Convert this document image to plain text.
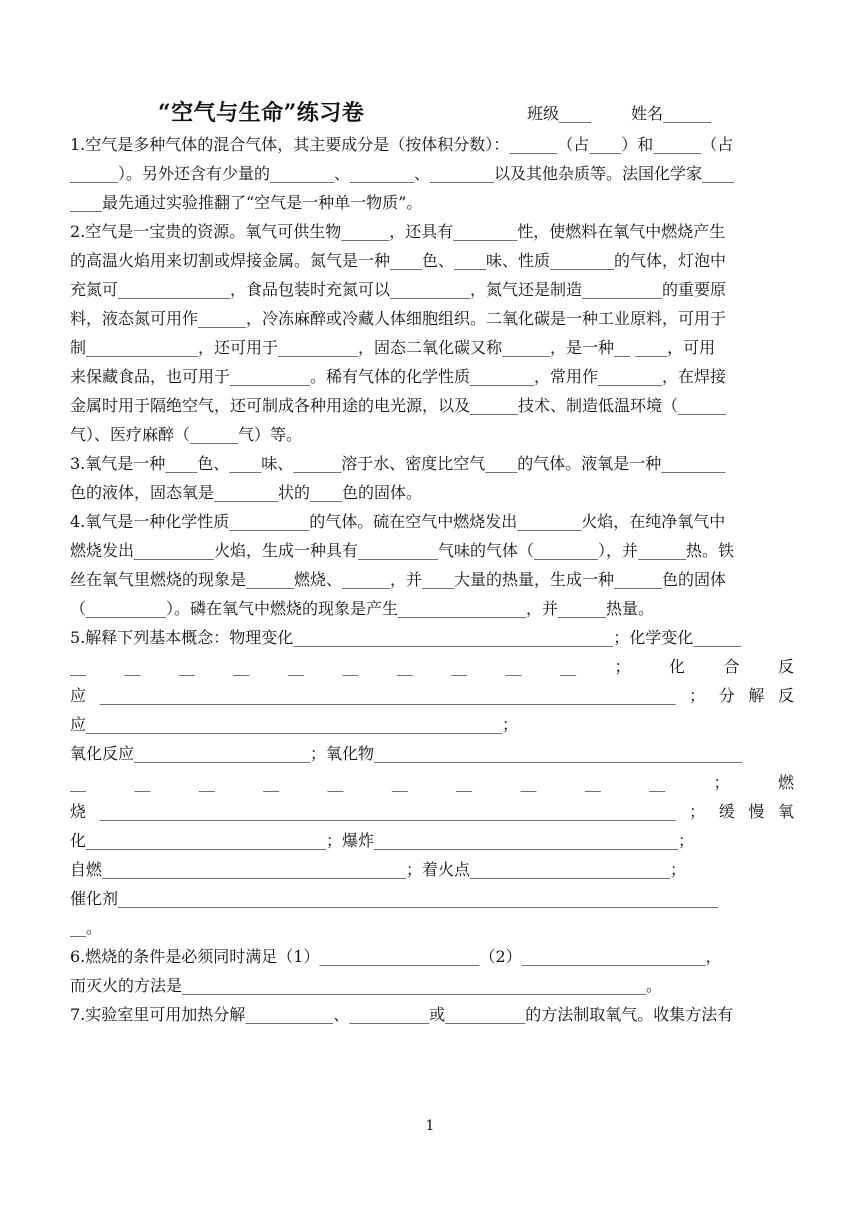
“空气与生命”练习卷	班级____ 姓名______
1.空气是多种气体的混合气体，其主要成分是（按体积分数）：______（占____）和______（占
______）。另外还含有少量的________、________、________以及其他杂质等。法国化学家____
____最先通过实验推翻了“空气是一种单一物质”。
2.空气是一宝贵的资源。氧气可供生物______，还具有________性，使燃料在氧气中燃烧产生
的高温火焰用来切割或焊接金属。氮气是一种____色、____味、性质________的气体，灯泡中
充氮可______________，食品包装时充氮可以__________，氮气还是制造__________的重要原
料，液态氮可用作______，冷冻麻醉或冷藏人体细胞组织。二氧化碳是一种工业原料，可用于
制______________，还可用于__________，固态二氧化碳又称______，是一种__ ____，可用
来保藏食品，也可用于__________。稀有气体的化学性质________，常用作________，在焊接
金属时用于隔绝空气，还可制成各种用途的电光源，以及______技术、制造低温环境（______
气）、医疗麻醉（______气）等。
3.氧气是一种____色、____味、______溶于水、密度比空气____的气体。液氧是一种________
色的液体，固态氧是________状的____色的固体。
4.氧气是一种化学性质__________的气体。硫在空气中燃烧发出________火焰，在纯净氧气中
燃烧发出__________火焰，生成一种具有__________气味的气体（________），并______热。铁
丝在氧气里燃烧的现象是______燃烧、______，并____大量的热量，生成一种______色的固体
（__________）。磷在氧气中燃烧的现象是产生________________，并______热量。
5.解释下列基本概念：物理变化________________________________________；化学变化______
__ __ __ __ __ __ __ __ __ __ ； 化 合 反
应 ________________________________________________________________________ ； 分 解 反
应____________________________________________________；
氧化反应______________________；氧化物______________________________________________
__	__	__	__	__	__	__	__	__	__	；	燃
烧 ________________________________________________________________________ ； 缓 慢 氧
化______________________________；爆炸______________________________________；
自燃______________________________________；着火点_________________________；
催化剂___________________________________________________________________________
__。
6.燃烧的条件是必须同时满足（1）____________________（2）_______________________，
而灭火的方法是__________________________________________________________。
7.实验室里可用加热分解___________、__________或__________的方法制取氧气。收集方法有
1
